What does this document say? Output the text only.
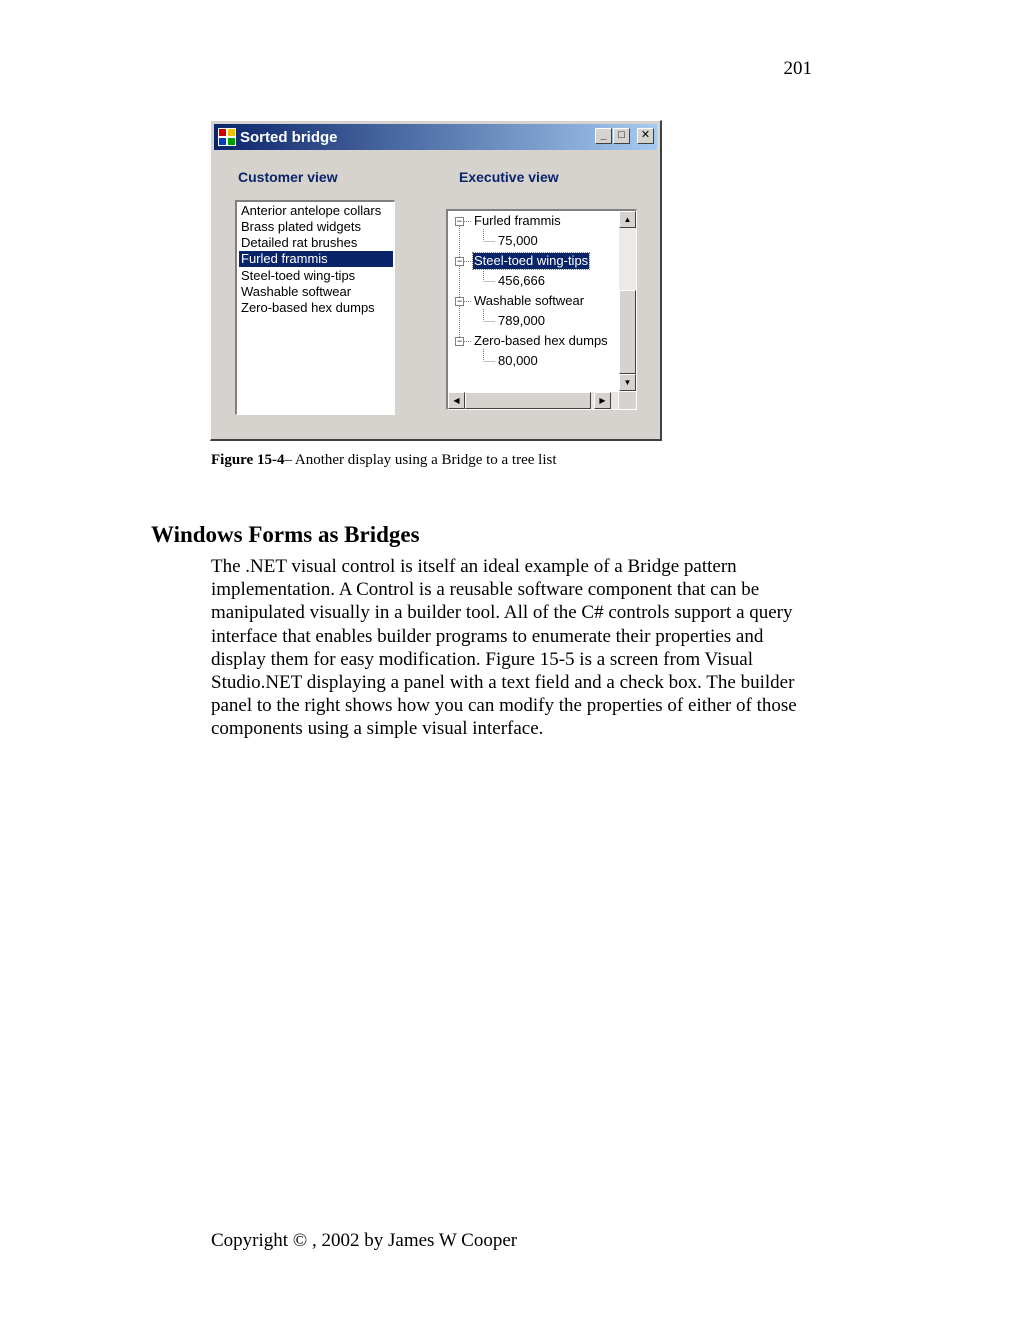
201
Sorted bridge	_	□	✕
Customer view	Executive view
Anterior antelope collars
Brass plated widgets
Detailed rat brushes
Furled frammis
Steel-toed wing-tips
Washable softwear
Zero-based hex dumps
−
−
−
−
Furled frammis
75,000
Steel-toed wing-tips
456,666
Washable softwear
789,000
Zero-based hex dumps
80,000
▲
▼
◀	▶
Figure 15-4– Another display using a Bridge to a tree list
Windows Forms as Bridges

The .NET visual control is itself an ideal example of a Bridge pattern implementation. A Control is a reusable software component that can be manipulated visually in a builder tool. All of the C# controls support a query interface that enables builder programs to enumerate their properties and display them for easy modification. Figure 15-5 is a screen from Visual Studio.NET displaying a panel with a text field and a check box. The builder panel to the right shows how you can modify the properties of either of those components using a simple visual interface.

Copyright © , 2002 by James W Cooper
